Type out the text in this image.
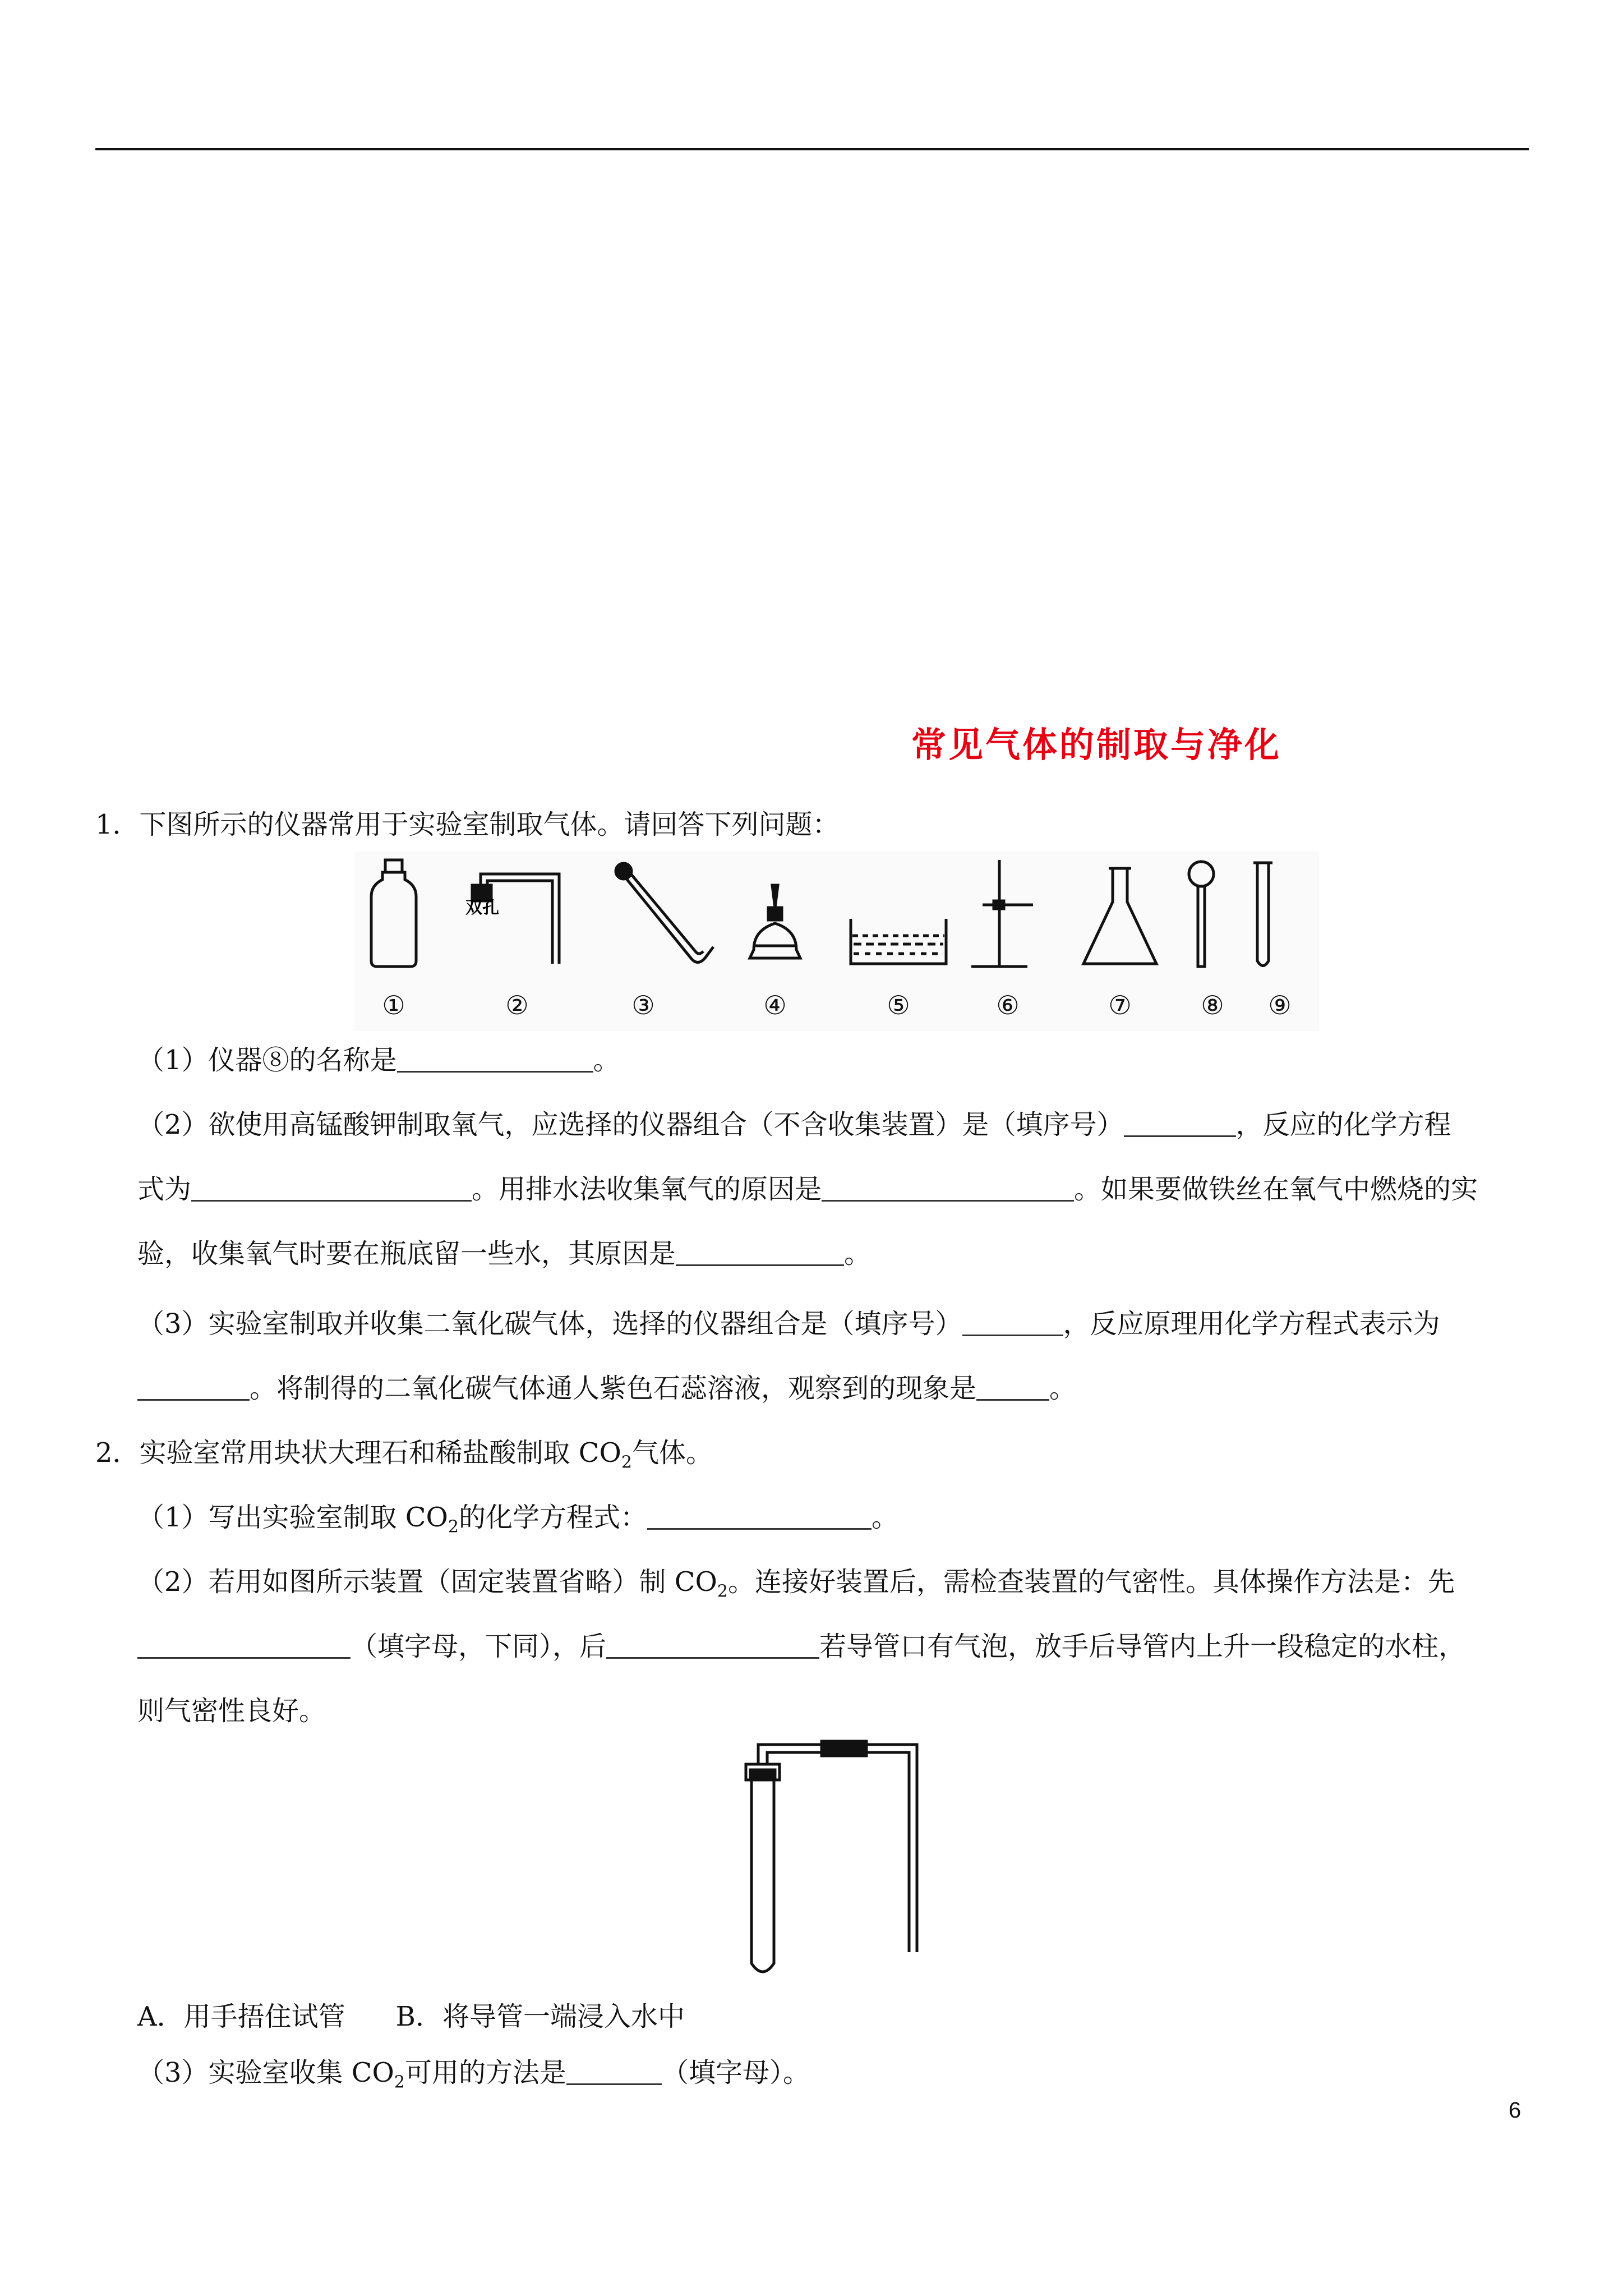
常见气体的制取与净化
1．下图所示的仪器常用于实验室制取气体。请回答下列问题：
双孔
①	②	③	④	⑤	⑥	⑦	⑧ ⑨
（1）仪器⑧的名称是	。
（2）欲使用高锰酸钾制取氧气，应选择的仪器组合（不含收集装置）是（填序号）	，反应的化学方程
式为	。用排水法收集氧气的原因是	。如果要做铁丝在氧气中燃烧的实
验，收集氧气时要在瓶底留一些水，其原因是	。
（3）实验室制取并收集二氧化碳气体，选择的仪器组合是（填序号）	，反应原理用化学方程式表示为
。将制得的二氧化碳气体通人紫色石蕊溶液，观察到的现象是	。
2．实验室常用块状大理石和稀盐酸制取 $CO_2$气体。
（1）写出实验室制取 $CO_2$的化学方程式：	。
（2）若用如图所示装置（固定装置省略）制 $CO_2$。连接好装置后，需检查装置的气密性。具体操作方法是：先
（填字母，下同），后	若导管口有气泡，放手后导管内上升一段稳定的水柱，
则气密性良好。
A．用手捂住试管 B．将导管一端浸入水中
（3）实验室收集 $CO_2$可用的方法是	（填字母）。
6
